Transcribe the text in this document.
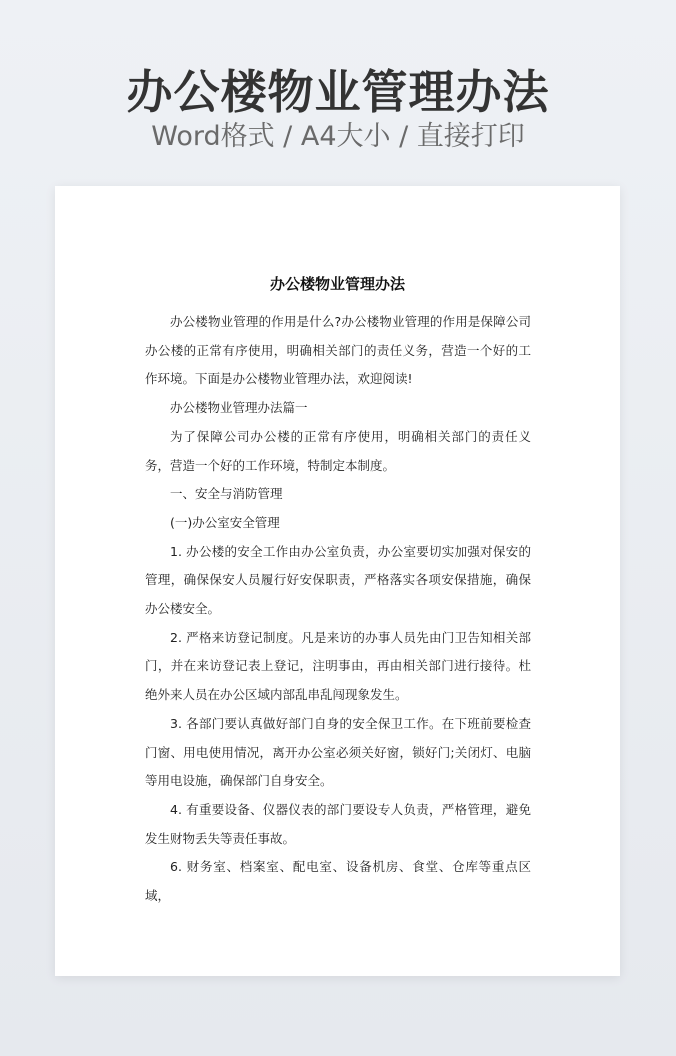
办公楼物业管理办法
Word格式 / A4大小 / 直接打印
办公楼物业管理办法

办公楼物业管理的作用是什么?办公楼物业管理的作用是保障公司办公楼的正常有序使用，明确相关部门的责任义务，营造一个好的工作环境。下面是办公楼物业管理办法，欢迎阅读!

办公楼物业管理办法篇一

为了保障公司办公楼的正常有序使用，明确相关部门的责任义务，营造一个好的工作环境，特制定本制度。

一、安全与消防管理

(一)办公室安全管理

1. 办公楼的安全工作由办公室负责，办公室要切实加强对保安的管理，确保保安人员履行好安保职责，严格落实各项安保措施，确保办公楼安全。

2. 严格来访登记制度。凡是来访的办事人员先由门卫告知相关部门，并在来访登记表上登记，注明事由，再由相关部门进行接待。杜绝外来人员在办公区域内部乱串乱闯现象发生。

3. 各部门要认真做好部门自身的安全保卫工作。在下班前要检查门窗、用电使用情况，离开办公室必须关好窗，锁好门;关闭灯、电脑等用电设施，确保部门自身安全。

4. 有重要设备、仪器仪表的部门要设专人负责，严格管理，避免发生财物丢失等责任事故。

6. 财务室、档案室、配电室、设备机房、食堂、仓库等重点区域，
